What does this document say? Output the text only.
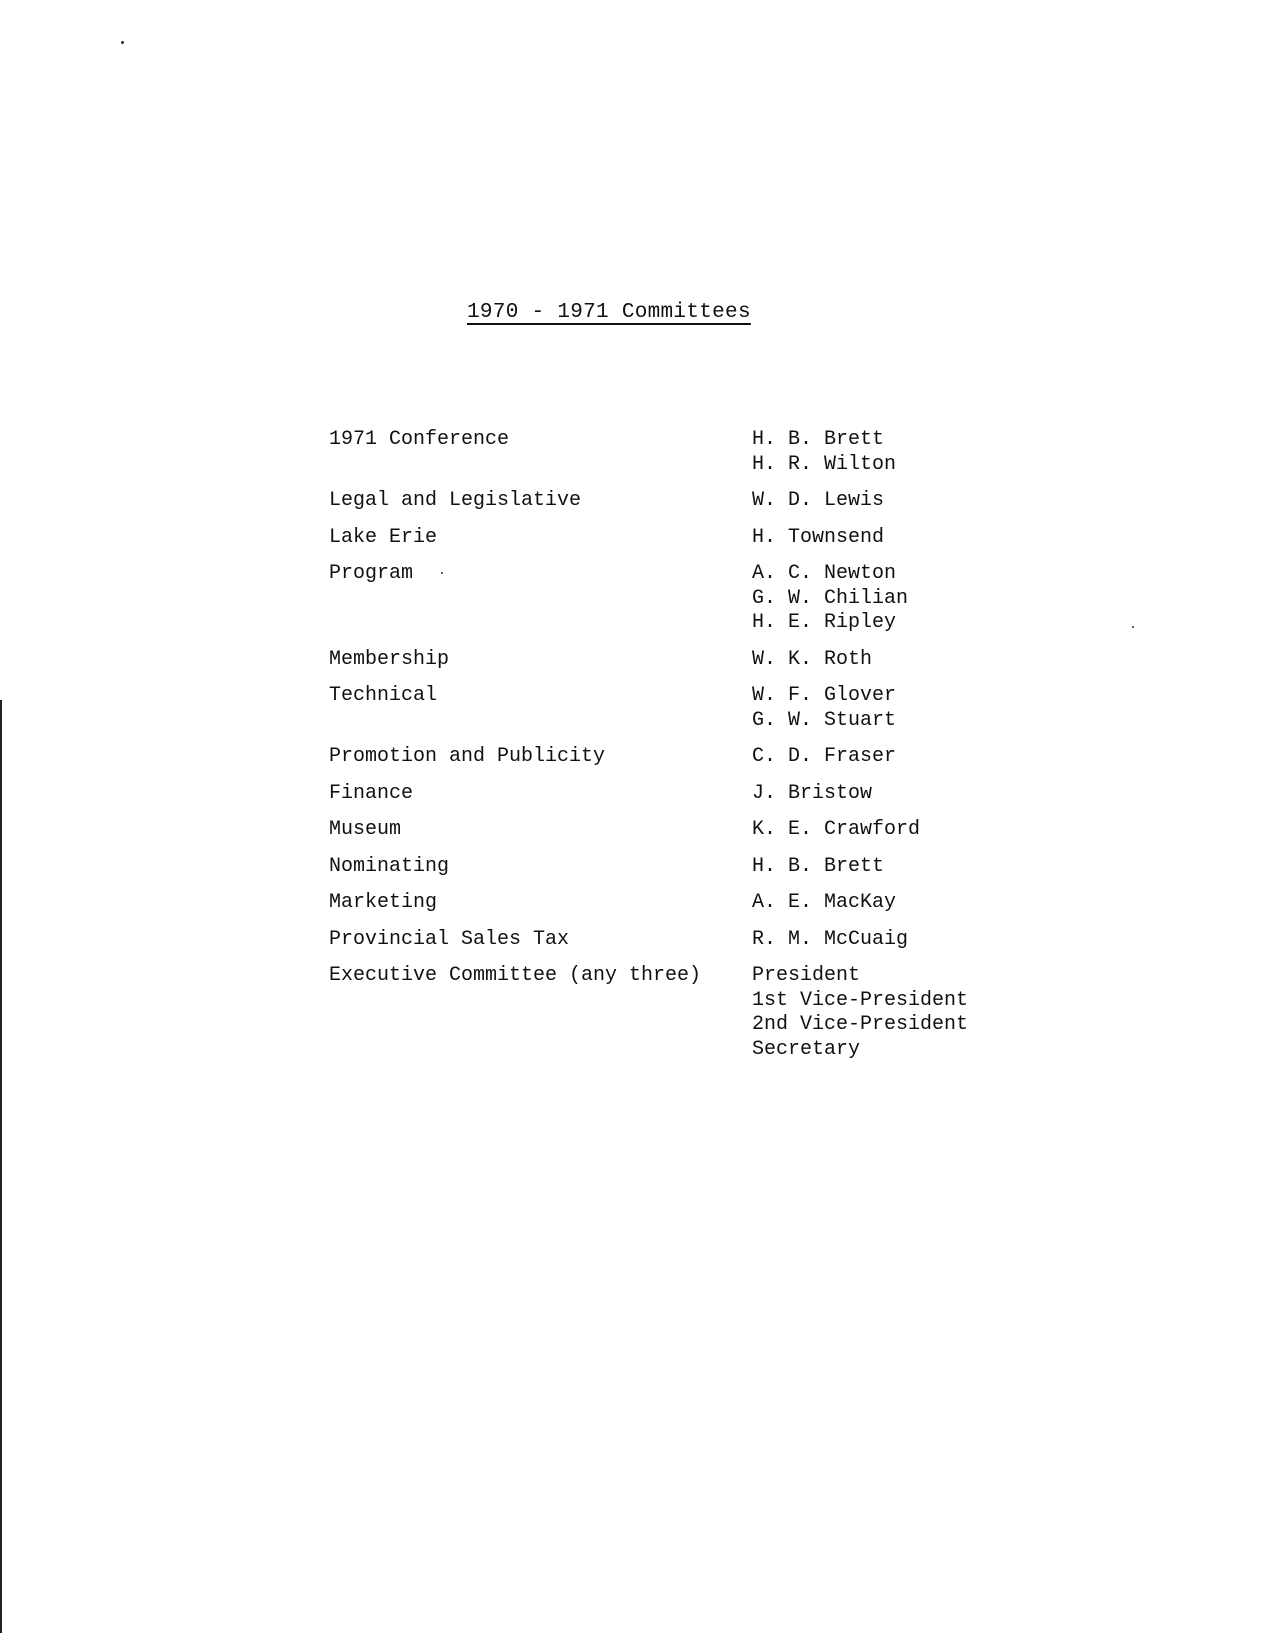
1970 - 1971 Committees
1971 Conference	H. B. Brett
H. R. Wilton
Legal and Legislative	W. D. Lewis
Lake Erie	H. Townsend
Program	A. C. Newton
G. W. Chilian
H. E. Ripley
Membership	W. K. Roth
Technical	W. F. Glover
G. W. Stuart
Promotion and Publicity	C. D. Fraser
Finance	J. Bristow
Museum	K. E. Crawford
Nominating	H. B. Brett
Marketing	A. E. MacKay
Provincial Sales Tax	R. M. McCuaig
Executive Committee (any three)	President
1st Vice-President
2nd Vice-President
Secretary
